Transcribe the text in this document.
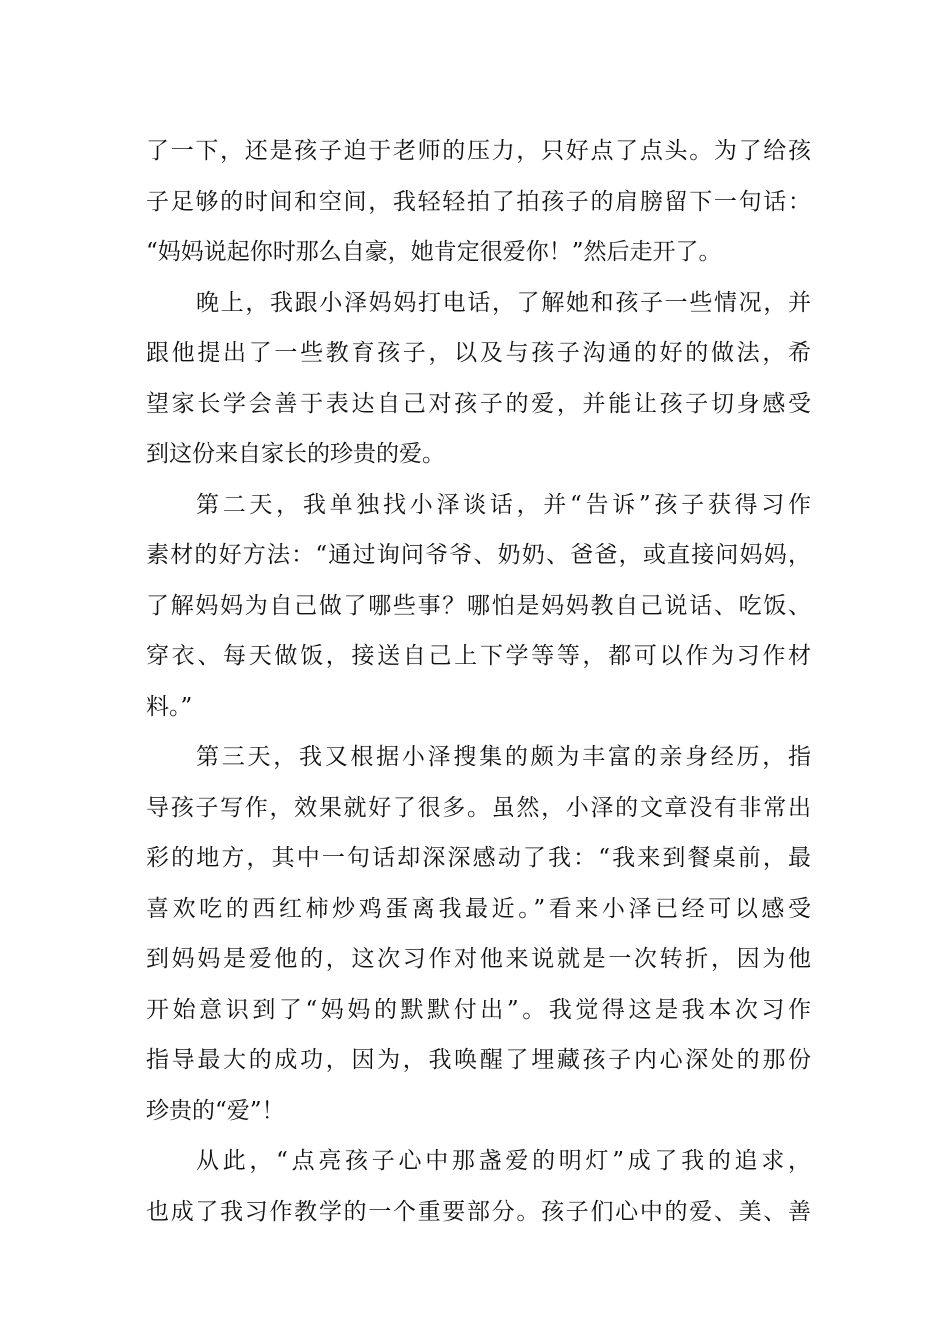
了一下，还是孩子迫于老师的压力，只好点了点头。为了给孩
子足够的时间和空间，我轻轻拍了拍孩子的肩膀留下一句话：
“妈妈说起你时那么自豪，她肯定很爱你！”然后走开了。
晚上，我跟小泽妈妈打电话，了解她和孩子一些情况，并
跟他提出了一些教育孩子，以及与孩子沟通的好的做法，希
望家长学会善于表达自己对孩子的爱，并能让孩子切身感受
到这份来自家长的珍贵的爱。
第二天，我单独找小泽谈话，并“告诉”孩子获得习作
素材的好方法：“通过询问爷爷、奶奶、爸爸，或直接问妈妈，
了解妈妈为自己做了哪些事？哪怕是妈妈教自己说话、吃饭、
穿衣、每天做饭，接送自己上下学等等，都可以作为习作材
料。”
第三天，我又根据小泽搜集的颇为丰富的亲身经历，指
导孩子写作，效果就好了很多。虽然，小泽的文章没有非常出
彩的地方，其中一句话却深深感动了我：“我来到餐桌前，最
喜欢吃的西红柿炒鸡蛋离我最近。”看来小泽已经可以感受
到妈妈是爱他的，这次习作对他来说就是一次转折，因为他
开始意识到了“妈妈的默默付出”。我觉得这是我本次习作
指导最大的成功，因为，我唤醒了埋藏孩子内心深处的那份
珍贵的“爱”！
从此，“点亮孩子心中那盏爱的明灯”成了我的追求，
也成了我习作教学的一个重要部分。孩子们心中的爱、美、善
